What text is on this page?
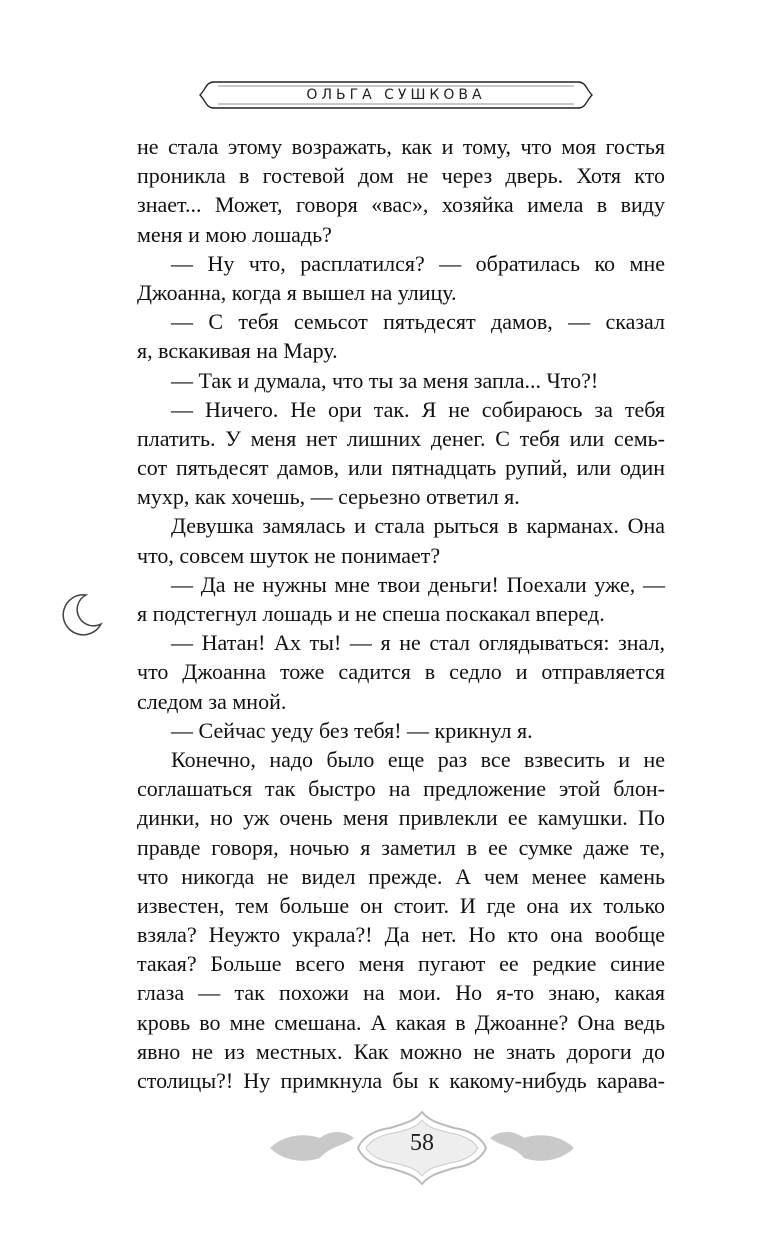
ОЛЬГА СУШКОВА
не стала этому возражать, как и тому, что моя гостья
проникла в гостевой дом не через дверь. Хотя кто
знает... Может, говоря «вас», хозяйка имела в виду
меня и мою лошадь?
— Ну что, расплатился? — обратилась ко мне
Джоанна, когда я вышел на улицу.
— С тебя семьсот пятьдесят дамов, — сказал
я, вскакивая на Мару.
— Так и думала, что ты за меня запла... Что?!
— Ничего. Не ори так. Я не собираюсь за тебя
платить. У меня нет лишних денег. С тебя или семь-
сот пятьдесят дамов, или пятнадцать рупий, или один
мухр, как хочешь, — серьезно ответил я.
Девушка замялась и стала рыться в карманах. Она
что, совсем шуток не понимает?
— Да не нужны мне твои деньги! Поехали уже, —
я подстегнул лошадь и не спеша поскакал вперед.
— Натан! Ах ты! — я не стал оглядываться: знал,
что Джоанна тоже садится в седло и отправляется
следом за мной.
— Сейчас уеду без тебя! — крикнул я.
Конечно, надо было еще раз все взвесить и не
соглашаться так быстро на предложение этой блон-
динки, но уж очень меня привлекли ее камушки. По
правде говоря, ночью я заметил в ее сумке даже те,
что никогда не видел прежде. А чем менее камень
известен, тем больше он стоит. И где она их только
взяла? Неужто украла?! Да нет. Но кто она вообще
такая? Больше всего меня пугают ее редкие синие
глаза — так похожи на мои. Но я-то знаю, какая
кровь во мне смешана. А какая в Джоанне? Она ведь
явно не из местных. Как можно не знать дороги до
столицы?! Ну примкнула бы к какому-нибудь карава-
58
